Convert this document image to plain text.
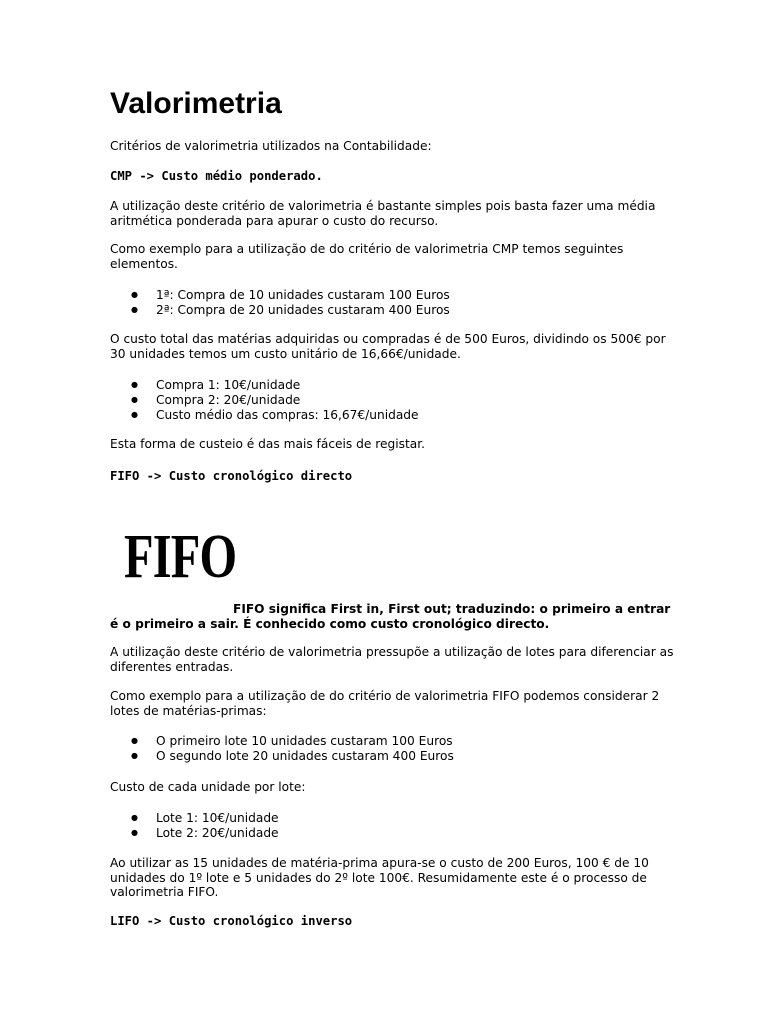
Valorimetria

Critérios de valorimetria utilizados na Contabilidade:

CMP -> Custo médio ponderado.

A utilização deste critério de valorimetria é bastante simples pois basta fazer uma média
aritmética ponderada para apurar o custo do recurso.

Como exemplo para a utilização de do critério de valorimetria CMP temos seguintes
elementos.

● 1ª: Compra de 10 unidades custaram 100 Euros
● 2ª: Compra de 20 unidades custaram 400 Euros

O custo total das matérias adquiridas ou compradas é de 500 Euros, dividindo os 500€ por
30 unidades temos um custo unitário de 16,66€/unidade.

● Compra 1: 10€/unidade
● Compra 2: 20€/unidade
● Custo médio das compras: 16,67€/unidade

Esta forma de custeio é das mais fáceis de registar.

FIFO -> Custo cronológico directo

FIFO

FIFO significa First in, First out; traduzindo: o primeiro a entrar
é o primeiro a sair. É conhecido como custo cronológico directo.

A utilização deste critério de valorimetria pressupõe a utilização de lotes para diferenciar as
diferentes entradas.

Como exemplo para a utilização de do critério de valorimetria FIFO podemos considerar 2
lotes de matérias-primas:

● O primeiro lote 10 unidades custaram 100 Euros
● O segundo lote 20 unidades custaram 400 Euros

Custo de cada unidade por lote:

● Lote 1: 10€/unidade
● Lote 2: 20€/unidade

Ao utilizar as 15 unidades de matéria-prima apura-se o custo de 200 Euros, 100 € de 10
unidades do 1º lote e 5 unidades do 2º lote 100€. Resumidamente este é o processo de
valorimetria FIFO.

LIFO -> Custo cronológico inverso
